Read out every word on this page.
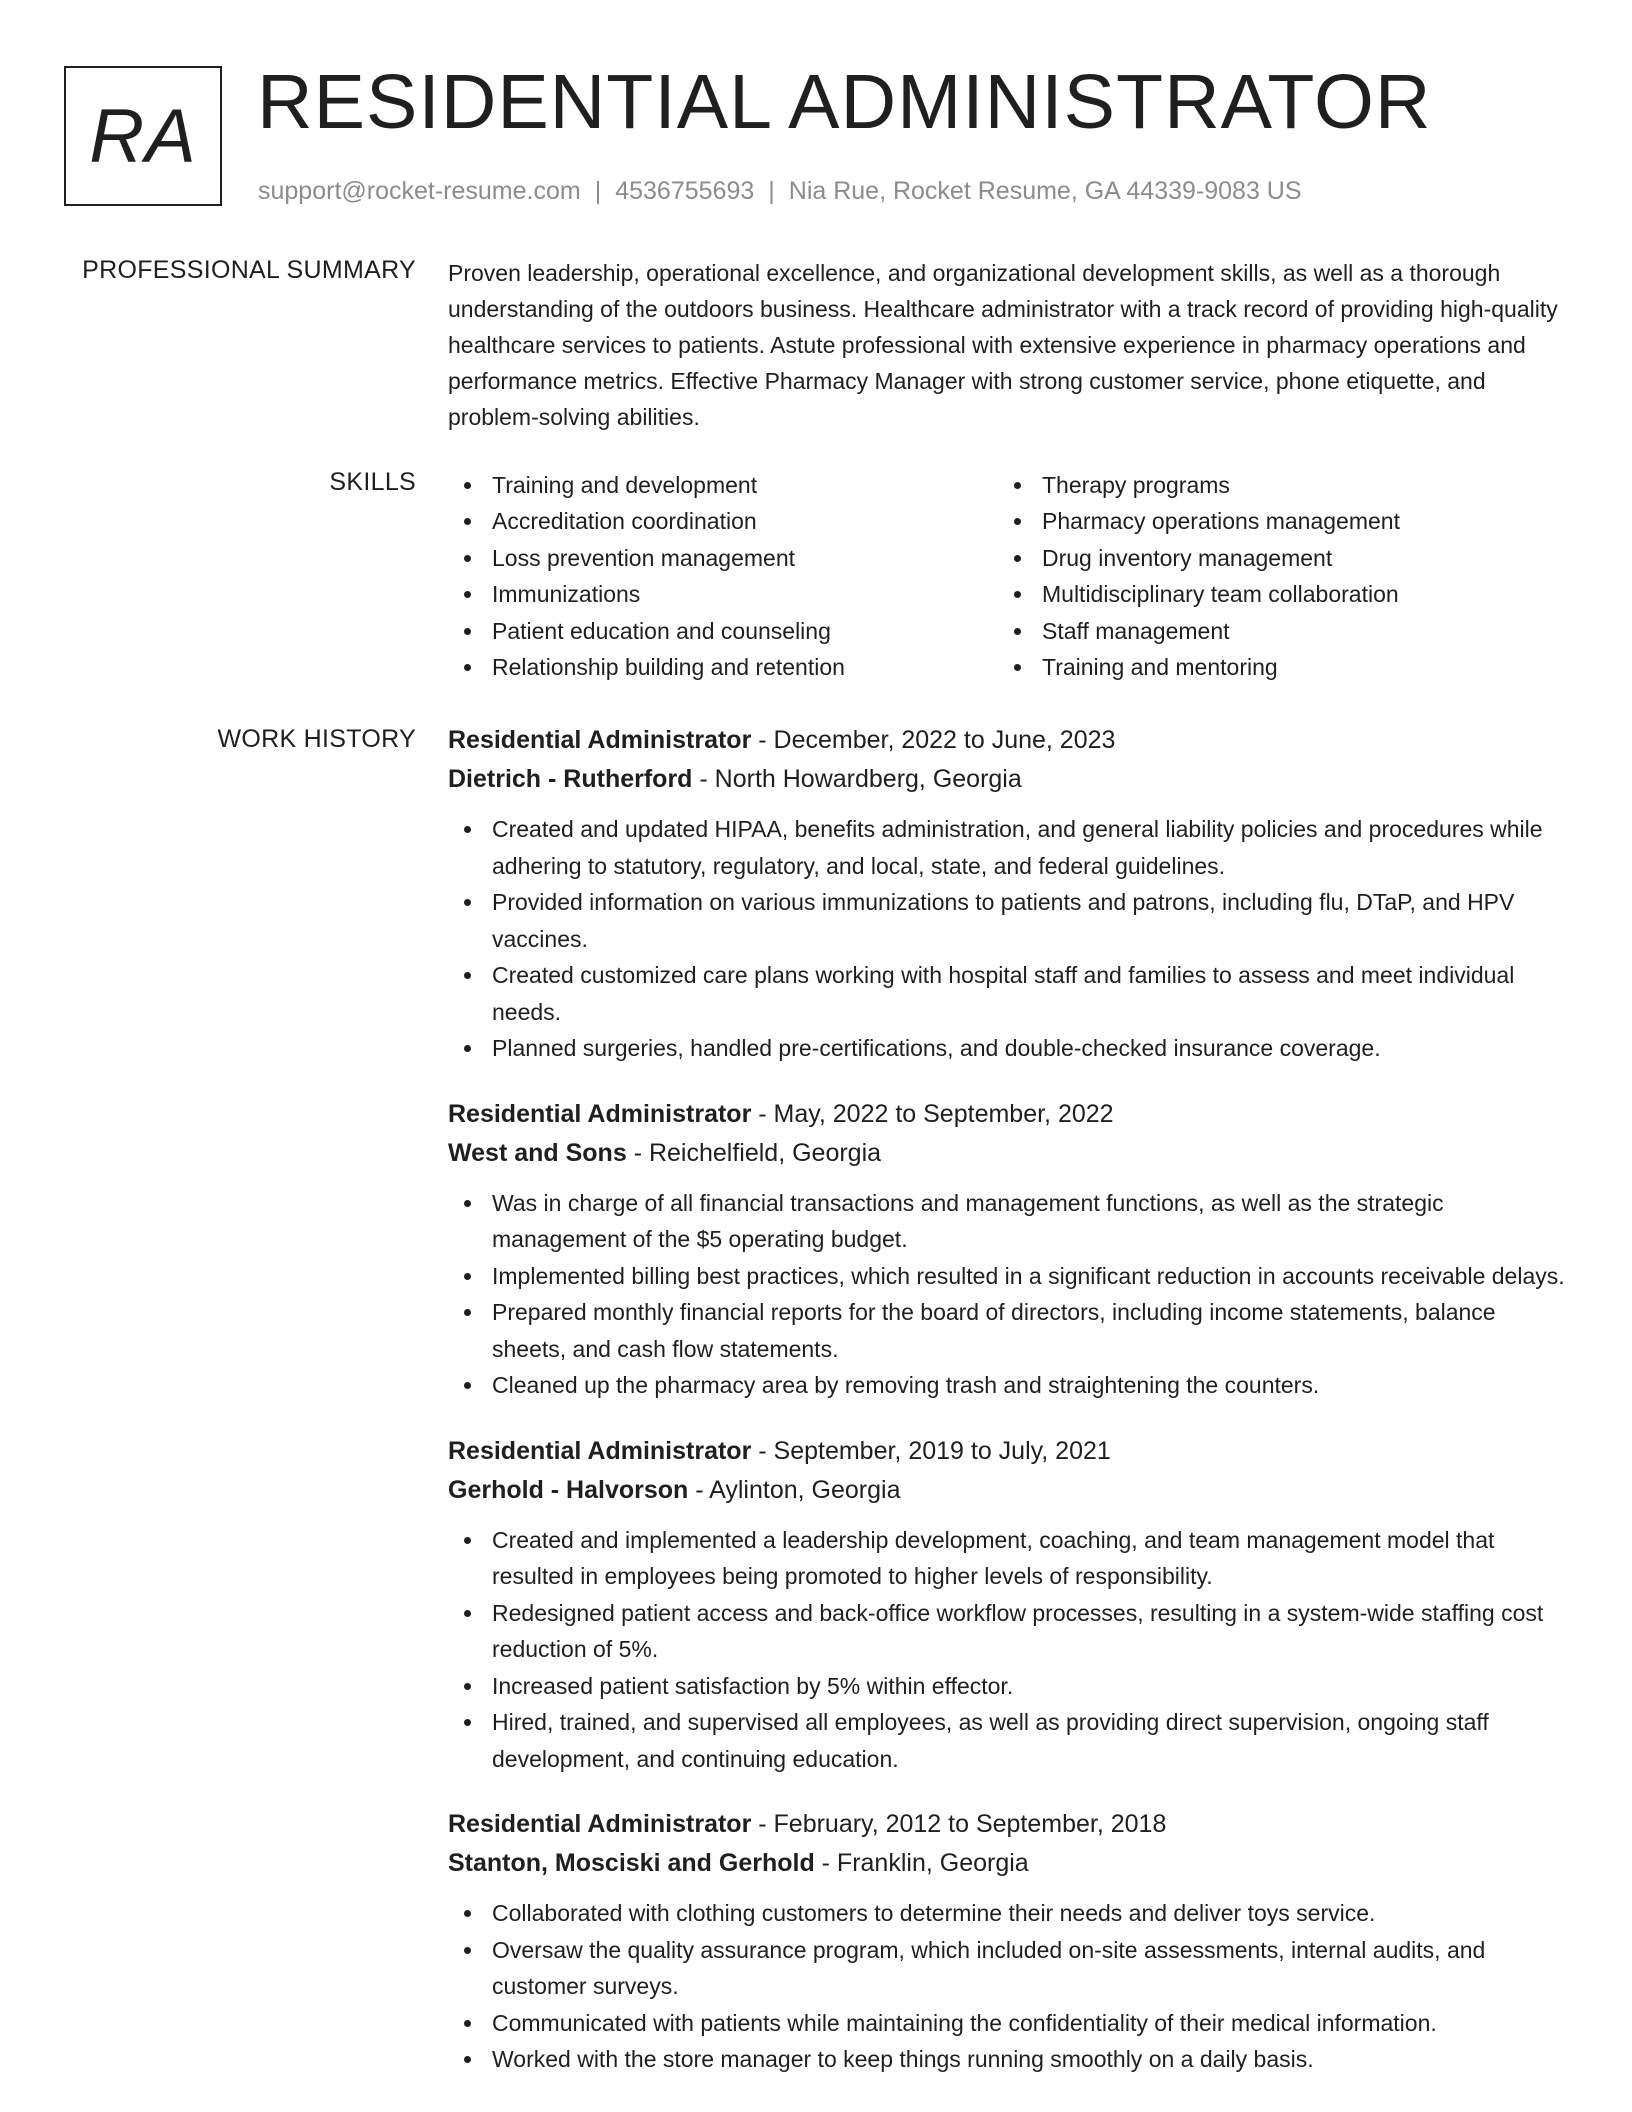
RA RESIDENTIAL ADMINISTRATOR
support@rocket-resume.com | 4536755693 | Nia Rue, Rocket Resume, GA 44339-9083 US
PROFESSIONAL SUMMARY Proven leadership, operational excellence, and organizational development skills, as well as a thorough understanding of the outdoors business. Healthcare administrator with a track record of providing high-quality healthcare services to patients. Astute professional with extensive experience in pharmacy operations and performance metrics. Effective Pharmacy Manager with strong customer service, phone etiquette, and problem-solving abilities.

SKILLS	Training and development
Accreditation coordination
Loss prevention management
Immunizations
Patient education and counseling
Relationship building and retention
Therapy programs
Pharmacy operations management
Drug inventory management
Multidisciplinary team collaboration
Staff management
Training and mentoring
WORK HISTORY Residential Administrator - December, 2022 to June, 2023
Dietrich - Rutherford - North Howardberg, Georgia
Created and updated HIPAA, benefits administration, and general liability policies and procedures while adhering to statutory, regulatory, and local, state, and federal guidelines.
Provided information on various immunizations to patients and patrons, including flu, DTaP, and HPV vaccines.
Created customized care plans working with hospital staff and families to assess and meet individual needs.
Planned surgeries, handled pre-certifications, and double-checked insurance coverage.
Residential Administrator - May, 2022 to September, 2022
West and Sons - Reichelfield, Georgia
Was in charge of all financial transactions and management functions, as well as the strategic management of the $5 operating budget.
Implemented billing best practices, which resulted in a significant reduction in accounts receivable delays.
Prepared monthly financial reports for the board of directors, including income statements, balance sheets, and cash flow statements.
Cleaned up the pharmacy area by removing trash and straightening the counters.
Residential Administrator - September, 2019 to July, 2021
Gerhold - Halvorson - Aylinton, Georgia
Created and implemented a leadership development, coaching, and team management model that resulted in employees being promoted to higher levels of responsibility.
Redesigned patient access and back-office workflow processes, resulting in a system-wide staffing cost reduction of 5%.
Increased patient satisfaction by 5% within effector.
Hired, trained, and supervised all employees, as well as providing direct supervision, ongoing staff development, and continuing education.
Residential Administrator - February, 2012 to September, 2018
Stanton, Mosciski and Gerhold - Franklin, Georgia
Collaborated with clothing customers to determine their needs and deliver toys service.
Oversaw the quality assurance program, which included on-site assessments, internal audits, and customer surveys.
Communicated with patients while maintaining the confidentiality of their medical information.
Worked with the store manager to keep things running smoothly on a daily basis.
